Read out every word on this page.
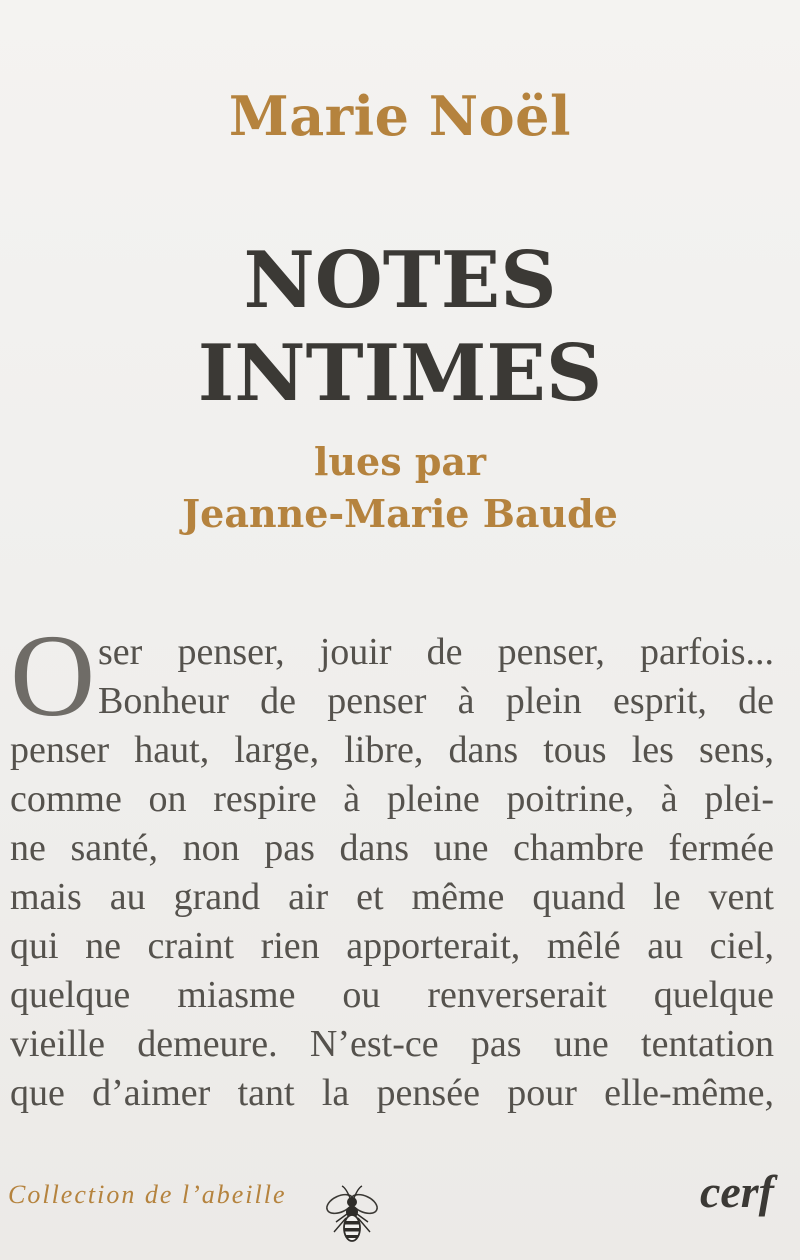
Marie Noël
NOTES
INTIMES
lues par
Jeanne-Marie Baude
O ser penser, jouir de penser, parfois...
Bonheur de penser à plein esprit, de
penser haut, large, libre, dans tous les sens,
comme on respire à pleine poitrine, à plei-
ne santé, non pas dans une chambre fermée
mais au grand air et même quand le vent
qui ne craint rien apporterait, mêlé au ciel,
quelque miasme ou renverserait quelque
vieille demeure. N’est-ce pas une tentation
que d’aimer tant la pensée pour elle-même,
Collection de l’abeille	cerf
